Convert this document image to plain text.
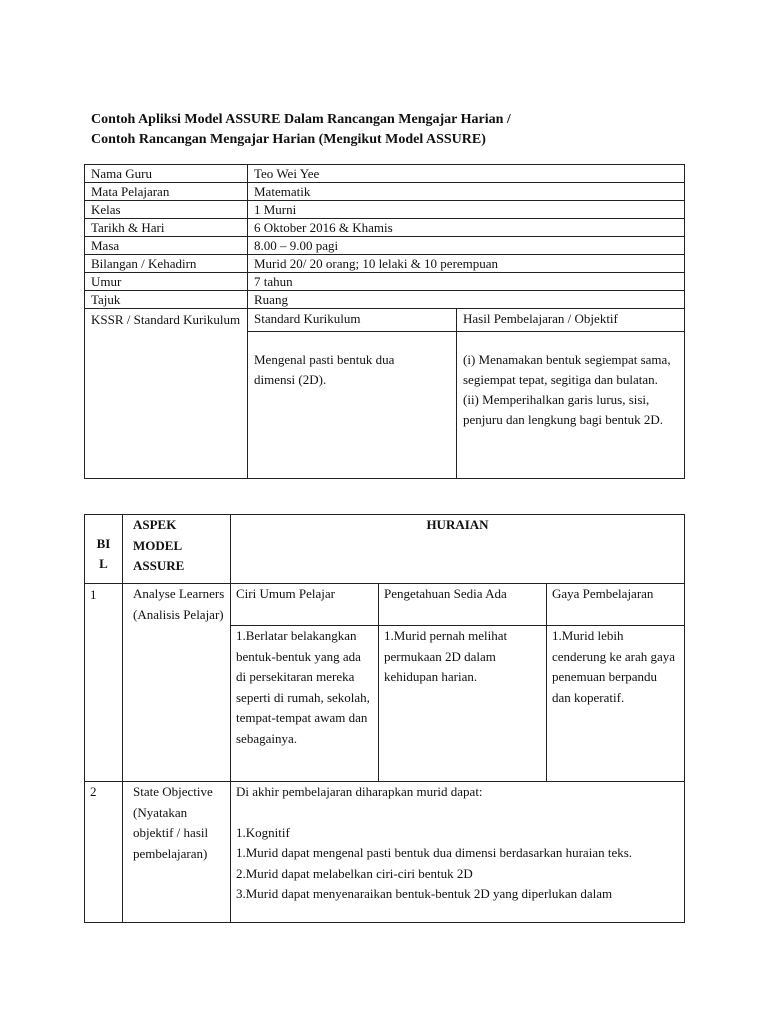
Contoh Apliksi Model ASSURE Dalam Rancangan Mengajar Harian /
Contoh Rancangan Mengajar Harian (Mengikut Model ASSURE)
Nama Guru	Teo Wei Yee	
Mata Pelajaran	Matematik	
Kelas	1 Murni	
Tarikh & Hari	6 Oktober 2016 & Khamis	
Masa	8.00 – 9.00 pagi	
Bilangan / Kehadirn	Murid 20/ 20 orang; 10 lelaki & 10 perempuan	
Umur	7 tahun	
Tajuk	Ruang	
KSSR / Standard Kurikulum	Standard Kurikulum	Hasil Pembelajaran / Objektif

	Mengenal pasti bentuk dua dimensi (2D).	(i) Menamakan bentuk segiempat sama, segiempat tepat, segitiga dan bulatan.
(ii) Memperihalkan garis lurus, sisi, penjuru dan lengkung bagi bentuk 2D.
BIL	ASPEK MODEL ASSURE	HURAIAN		
1	Analyse Learners (Analisis Pelajar)	Ciri Umum Pelajar	Pengetahuan Sedia Ada	Gaya Pembelajaran
		1.Berlatar belakangkan bentuk-bentuk yang ada di persekitaran mereka seperti di rumah, sekolah, tempat-tempat awam dan sebagainya.	1.Murid pernah melihat permukaan 2D dalam kehidupan harian.	1.Murid lebih cenderung ke arah gaya penemuan berpandu dan koperatif.
2	State Objective (Nyatakan objektif / hasil pembelajaran)	Di akhir pembelajaran diharapkan murid dapat:
1.Kognitif
1.Murid dapat mengenal pasti bentuk dua dimensi berdasarkan huraian teks.
2.Murid dapat melabelkan ciri-ciri bentuk 2D
3.Murid dapat menyenaraikan bentuk-bentuk 2D yang diperlukan dalam		
